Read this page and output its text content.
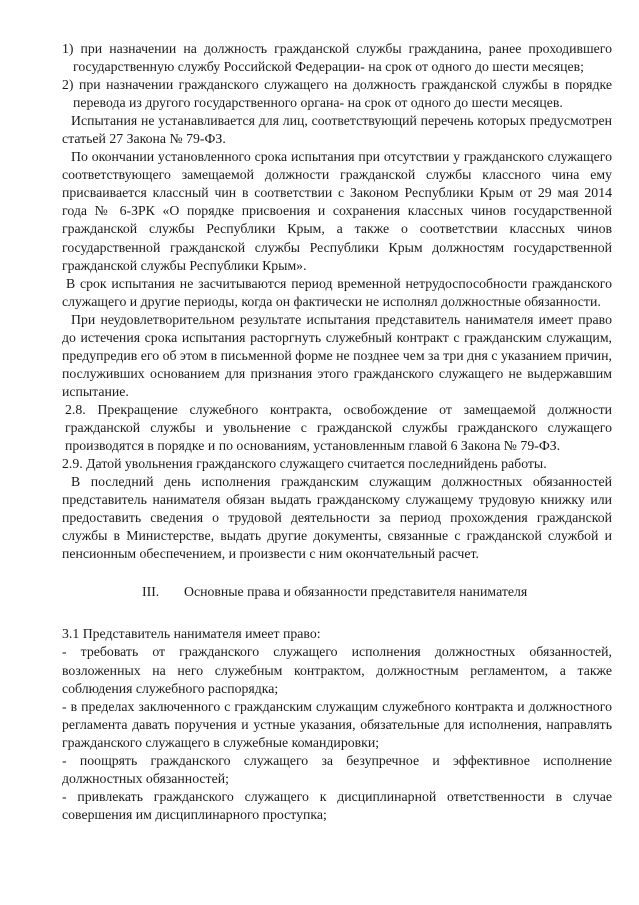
1) при назначении на должность гражданской службы гражданина, ранее проходившего государственную службу Российской Федерации- на срок от одного до шести месяцев;

2) при назначении гражданского служащего на должность гражданской службы в порядке перевода из другого государственного органа- на срок от одного до шести месяцев.

Испытания не устанавливается для лиц, соответствующий перечень которых предусмотрен статьей 27 Закона № 79-ФЗ.

По окончании установленного срока испытания при отсутствии у гражданского служащего соответствующего замещаемой должности гражданской службы классного чина ему присваивается классный чин в соответствии с Законом Республики Крым от 29 мая 2014 года № 6-ЗРК «О порядке присвоения и сохранения классных чинов государственной гражданской службы Республики Крым, а также о соответствии классных чинов государственной гражданской службы Республики Крым должностям государственной гражданской службы Республики Крым».

В срок испытания не засчитываются период временной нетрудоспособности гражданского служащего и другие периоды, когда он фактически не исполнял должностные обязанности.

При неудовлетворительном результате испытания представитель нанимателя имеет право до истечения срока испытания расторгнуть служебный контракт с гражданским служащим, предупредив его об этом в письменной форме не позднее чем за три дня с указанием причин, послуживших основанием для признания этого гражданского служащего не выдержавшим испытание.

2.8. Прекращение служебного контракта, освобождение от замещаемой должности гражданской службы и увольнение с гражданской службы гражданского служащего производятся в порядке и по основаниям, установленным главой 6 Закона № 79-ФЗ.

2.9. Датой увольнения гражданского служащего считается последнийдень работы.

В последний день исполнения гражданским служащим должностных обязанностей представитель нанимателя обязан выдать гражданскому служащему трудовую книжку или предоставить сведения о трудовой деятельности за период прохождения гражданской службы в Министерстве, выдать другие документы, связанные с гражданской службой и пенсионным обеспечением, и произвести с ним окончательный расчет.

III. Основные права и обязанности представителя нанимателя

3.1 Представитель нанимателя имеет право:

- требовать от гражданского служащего исполнения должностных обязанностей, возложенных на него служебным контрактом, должностным регламентом, а также соблюдения служебного распорядка;

- в пределах заключенного с гражданским служащим служебного контракта и должностного регламента давать поручения и устные указания, обязательные для исполнения, направлять гражданского служащего в служебные командировки;

- поощрять гражданского служащего за безупречное и эффективное исполнение должностных обязанностей;

- привлекать гражданского служащего к дисциплинарной ответственности в случае совершения им дисциплинарного проступка;
